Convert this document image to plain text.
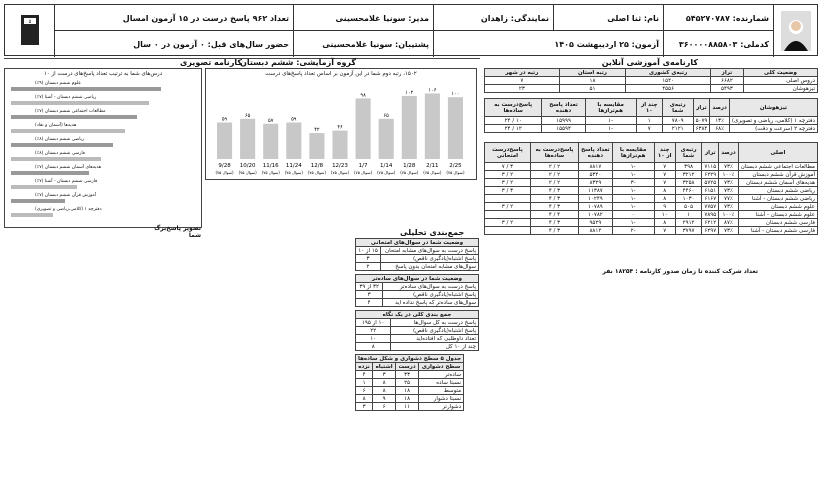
۵	شمارنده: ۵۴۵۲۷۰۷۸۷
نام: ثنا اصلی
نمایندگی: زاهدان
مدیر: سونیا غلامحسینی
تعداد ۹۶۲ پاسخ درست در ۱۵ آزمون امسال
کدملی: ۳۶۰۰۰۰۸۸۵۸۰۳
آزمون: ۲۵ اردیبهشت ۱۴۰۵
پشتیبان: سونیا غلامحسینی
حضور سال‌های قبل: ۰ آزمون در ۰ سال
کارنامه‌ی آموزشی آنلاین
وضعیت کلی	تراز	رتبه‌ی کشوری	رتبه استان	رتبه در شهر
دروس اصلی	۶۶۸۲	۱۵۴۰	۱۸	۷
تیزهوشان	۵۴۹۳	۴۵۵۶	۵۱	۲۳
تیزهوشان	درصد	تراز	رتبه‌ی شما	چند از ۱۰	مقایسه با هم‌ترازها	تعداد پاسخ دهنده	پاسخ‌درست به ساده‌ها
دفترچه ۱ (کلامی، ریاضی و تصویری)	۱۳٪	۵۰۷۹	۷۸۰۹	۱	-۱	۱۵۹۹۹	۱۰ / ۲۴
دفترچه ۲ (سرعت و دقت)	۶۸٪	۶۳۸۴	۲۱۲۱	۷	-۱	۱۵۵۹۴	۱۲ / ۲۴
اصلی	درصد	تراز	رتبه‌ی شما	چند از ۱۰	مقایسه با هم‌ترازها	تعداد پاسخ دهنده	پاسخ‌درست به ساده‌ها	پاسخ‌درست امتحانی
مطالعات اجتماعی ششم دبستان	۷۳٪	۷۱۱۵	۳۹۸	۷	-۱	۸۸۱۷	۲ / ۲	۳ / ۷
آموزش قرآن ششم دبستان	۱۰۰٪	۶۲۲۹	۳۲۱۲	۷	-۱	۵۳۴۰	۲ / ۲	۲ / ۳
هدیه‌های آسمان ششم دبستان	۷۳٪	۵۷۲۵	۳۲۵۸	۷	-۳	۸۳۲۹	۲ / ۲	۲ / ۳
ریاضی ششم دبستان	۷۳٪	۶۱۵۱	۴۴۶۰	۸	-۱	۱۱۳۸۷	۳ / ۴	۳ / ۳
ریاضی ششم دبستان - آشنا	۷۷٪	۶۱۶۷	۱۰۳۰	۸	-۱	۱۰۲۴۹	۳ / ۴	
علوم ششم دبستان	۷۳٪	۷۷۵۷	۵۰۵	۹	-۱	۱۰۷۸۹	۳ / ۴	۲ / ۳
علوم ششم دبستان - آشنا	۱۰۰٪	۷۸۹۵	۱	۱۰	۰	۱۰۷۸۲	۴ / ۴	
فارسی ششم دبستان	۸۷٪	۶۲۱۲	۲۹۱۲	۸	-۱	۹۵۲۹	۳ / ۴	۲ / ۳
فارسی ششم دبستان - آشنا	۷۳٪	۶۲۹۷	۳۷۹۷	۷	-۲	۸۸۱۲	۳ / ۴	
تعداد شرکت کننده تا زمان صدور کارنامه : ۱۸۲۵۴ نفر
کارنامه تصویری
گروه آزمایشی: ششم دبستان
۱۵۰۲، رتبه دوم شما در این آزمون بر اساس تعداد پاسخ‌های درست
۵۹
9/28
(۷۵ سوال)
۶۵
10/20
(۷۵ سوال)
۵۷
11/16
(۷۵ سوال)
۵۹
11/24
(۷۵ سوال)
۴۲
12/8
(۷۵ سوال)
۴۶
12/23
(۷۵ سوال)
۹۸
1/7
(۷۵ سوال)
۶۵
1/14
(۷۵ سوال)
۱۰۲
1/28
(۷۵ سوال)
۱۰۶
2/11
(۷۵ سوال)
۱۰۰
2/25
(۷۵ سوال)
درس‌های شما به ترتیب تعداد پاسخ‌های درست از ۱۰
علوم ششم دبستان (۹٪)
ریاضی ششم دبستان - آشنا (۷٪)
مطالعات اجتماعی ششم دبستان (۷٪)
هدیه‌ها (آسمان و نقاد)
ریاضی ششم دبستان (۸٪)
فارسی ششم دبستان (۸٪)
هدیه‌های آسمان ششم دبستان (۷٪)
فارسی ششم دبستان - آشنا (۷٪)
آموزش قرآن ششم دبستان (۷٪)
دفترچه ۱ (کلامی،ریاضی و تصویری)
تصویر پاسخ‌برگ شما	جمع‌بندی تحلیلی
وضعیت شما در سوال‌های امتحانی	
پاسخ درست به سوال‌های مشابه امتحان	۱۵ از ۱۰
پاسخ اشتباه(یادگیری ناقص)	۳
سوال‌های مشابه امتحان بدون پاسخ	۲
وضعیت شما در سوال‌های ساده‌تر	
پاسخ درست به سوال‌های ساده‌تر	۳۲ از ۳۹
پاسخ اشتباه(یادگیری ناقص)	۳
سوال‌های ساده‌تر که پاسخ نداده اید	۴
جمع بندی کلی در یک نگاه	
پاسخ درست به کل سوال‌ها	۱۰ از ۱۹۵
پاسخ اشتباه(یادگیری ناقص)	۲۲
تعداد داوطلبی که افتاده‌اید	۱۰
چند از ۱۰ کل	۸
جدول ۵ سطح دشواری و شکل ساده‌ها			
سطح دشواری	درست	اشتباه	نزده
ساده‌تر	۳۳	۳	۴
نسبتا ساده	۲۵	۸	۱
متوسط	۱۸	۸	۶
نسبتا دشوار	۱۸	۹	۸
دشوارتر	۱۱	۶	۳
